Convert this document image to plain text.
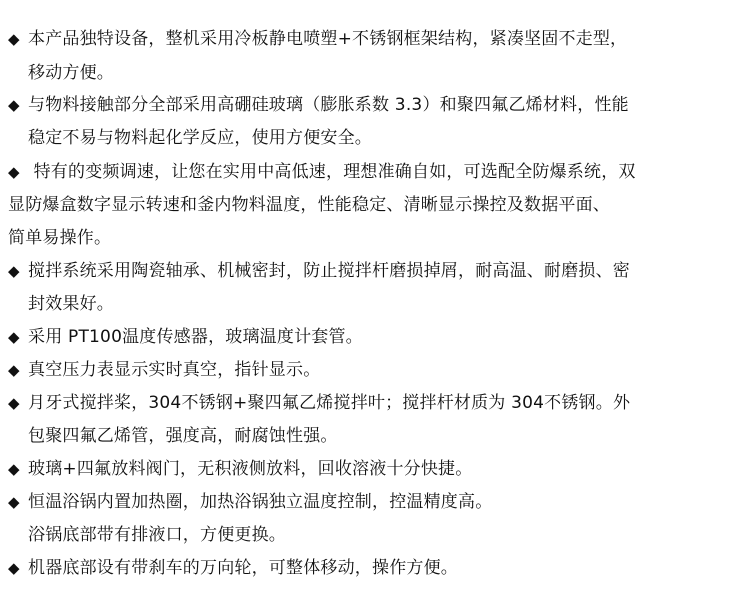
◆ 本产品独特设备，整机采用冷板静电喷塑+不锈钢框架结构，紧凑坚固不走型，
移动方便。
◆ 与物料接触部分全部采用高硼硅玻璃（膨胀系数 3.3）和聚四氟乙烯材料，性能
稳定不易与物料起化学反应，使用方便安全。
◆ 特有的变频调速，让您在实用中高低速，理想准确自如，可选配全防爆系统，双
显防爆盒数字显示转速和釜内物料温度，性能稳定、清晰显示操控及数据平面、
简单易操作。
◆ 搅拌系统采用陶瓷轴承、机械密封，防止搅拌杆磨损掉屑，耐高温、耐磨损、密
封效果好。
◆ 采用 PT100温度传感器，玻璃温度计套管。
◆ 真空压力表显示实时真空，指针显示。
◆ 月牙式搅拌桨，304不锈钢+聚四氟乙烯搅拌叶；搅拌杆材质为 304不锈钢。外
包聚四氟乙烯管，强度高，耐腐蚀性强。
◆ 玻璃+四氟放料阀门，无积液侧放料，回收溶液十分快捷。
◆ 恒温浴锅内置加热圈，加热浴锅独立温度控制，控温精度高。
浴锅底部带有排液口，方便更换。
◆ 机器底部设有带刹车的万向轮，可整体移动，操作方便。
